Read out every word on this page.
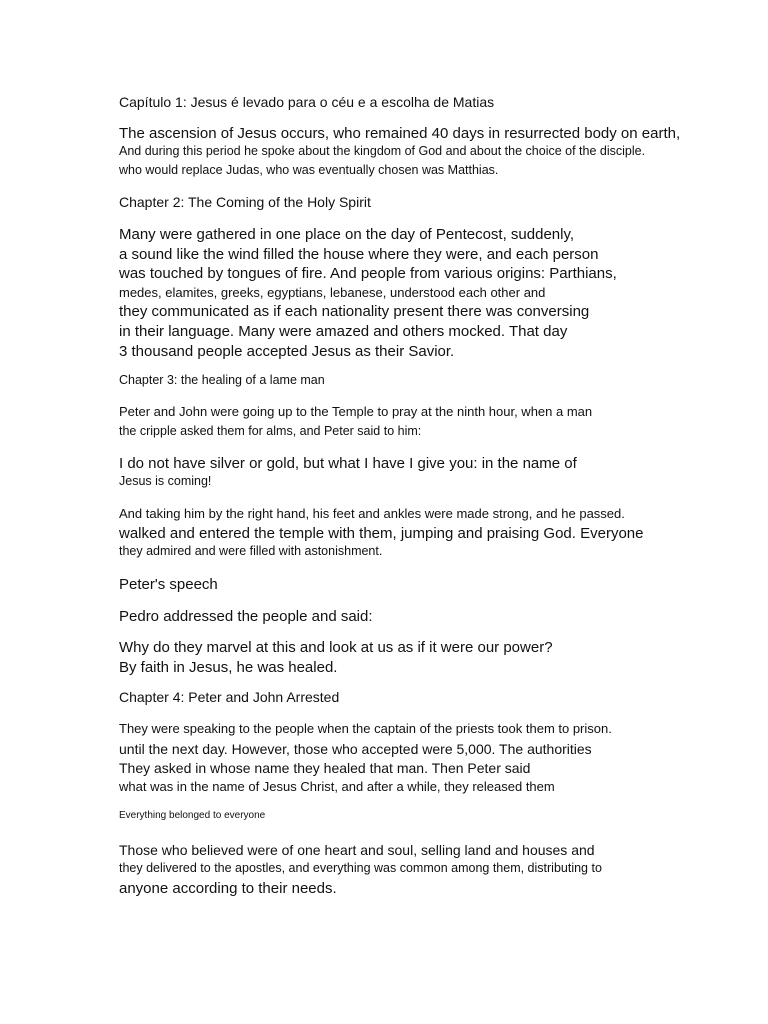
Capítulo 1: Jesus é levado para o céu e a escolha de Matias
The ascension of Jesus occurs, who remained 40 days in resurrected body on earth,
And during this period he spoke about the kingdom of God and about the choice of the disciple.
who would replace Judas, who was eventually chosen was Matthias.
Chapter 2: The Coming of the Holy Spirit
Many were gathered in one place on the day of Pentecost, suddenly,
a sound like the wind filled the house where they were, and each person
was touched by tongues of fire. And people from various origins: Parthians,
medes, elamites, greeks, egyptians, lebanese, understood each other and
they communicated as if each nationality present there was conversing
in their language. Many were amazed and others mocked. That day
3 thousand people accepted Jesus as their Savior.
Chapter 3: the healing of a lame man
Peter and John were going up to the Temple to pray at the ninth hour, when a man
the cripple asked them for alms, and Peter said to him:
I do not have silver or gold, but what I have I give you: in the name of
Jesus is coming!
And taking him by the right hand, his feet and ankles were made strong, and he passed.
walked and entered the temple with them, jumping and praising God. Everyone
they admired and were filled with astonishment.
Peter's speech
Pedro addressed the people and said:
Why do they marvel at this and look at us as if it were our power?
By faith in Jesus, he was healed.
Chapter 4: Peter and John Arrested
They were speaking to the people when the captain of the priests took them to prison.
until the next day. However, those who accepted were 5,000. The authorities
They asked in whose name they healed that man. Then Peter said
what was in the name of Jesus Christ, and after a while, they released them
Everything belonged to everyone
Those who believed were of one heart and soul, selling land and houses and
they delivered to the apostles, and everything was common among them, distributing to
anyone according to their needs.
